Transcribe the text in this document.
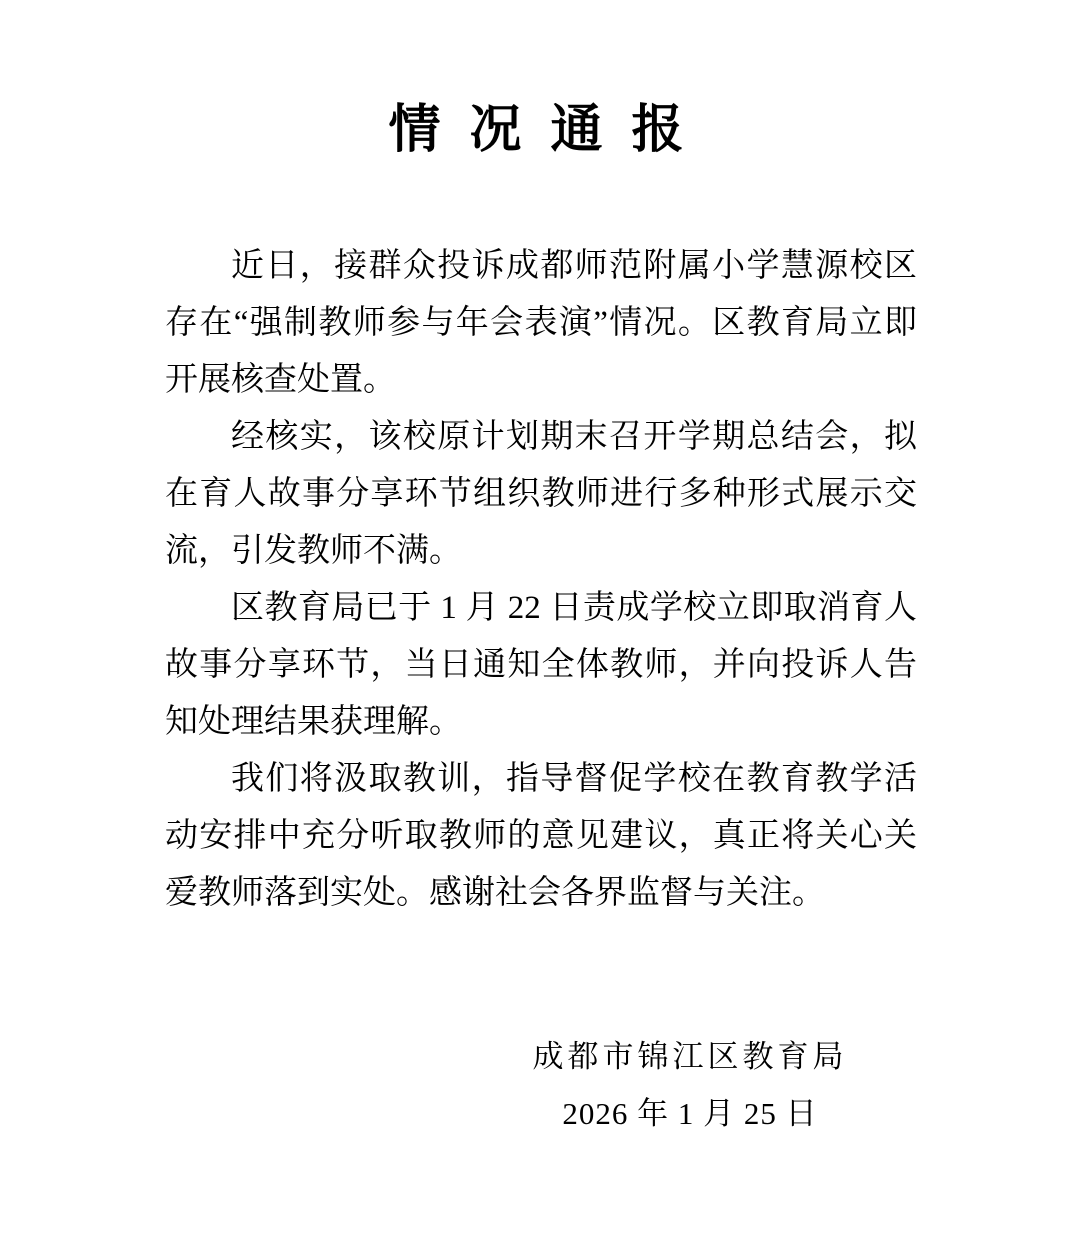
情 况 通 报

近日，接群众投诉成都师范附属小学慧源校区存在“强制教师参与年会表演”情况。区教育局立即开展核查处置。

经核实，该校原计划期末召开学期总结会，拟在育人故事分享环节组织教师进行多种形式展示交流，引发教师不满。

区教育局已于 1 月 22 日责成学校立即取消育人故事分享环节，当日通知全体教师，并向投诉人告知处理结果获理解。

我们将汲取教训，指导督促学校在教育教学活动安排中充分听取教师的意见建议，真正将关心关爱教师落到实处。感谢社会各界监督与关注。

成都市锦江区教育局
2026 年 1 月 25 日
